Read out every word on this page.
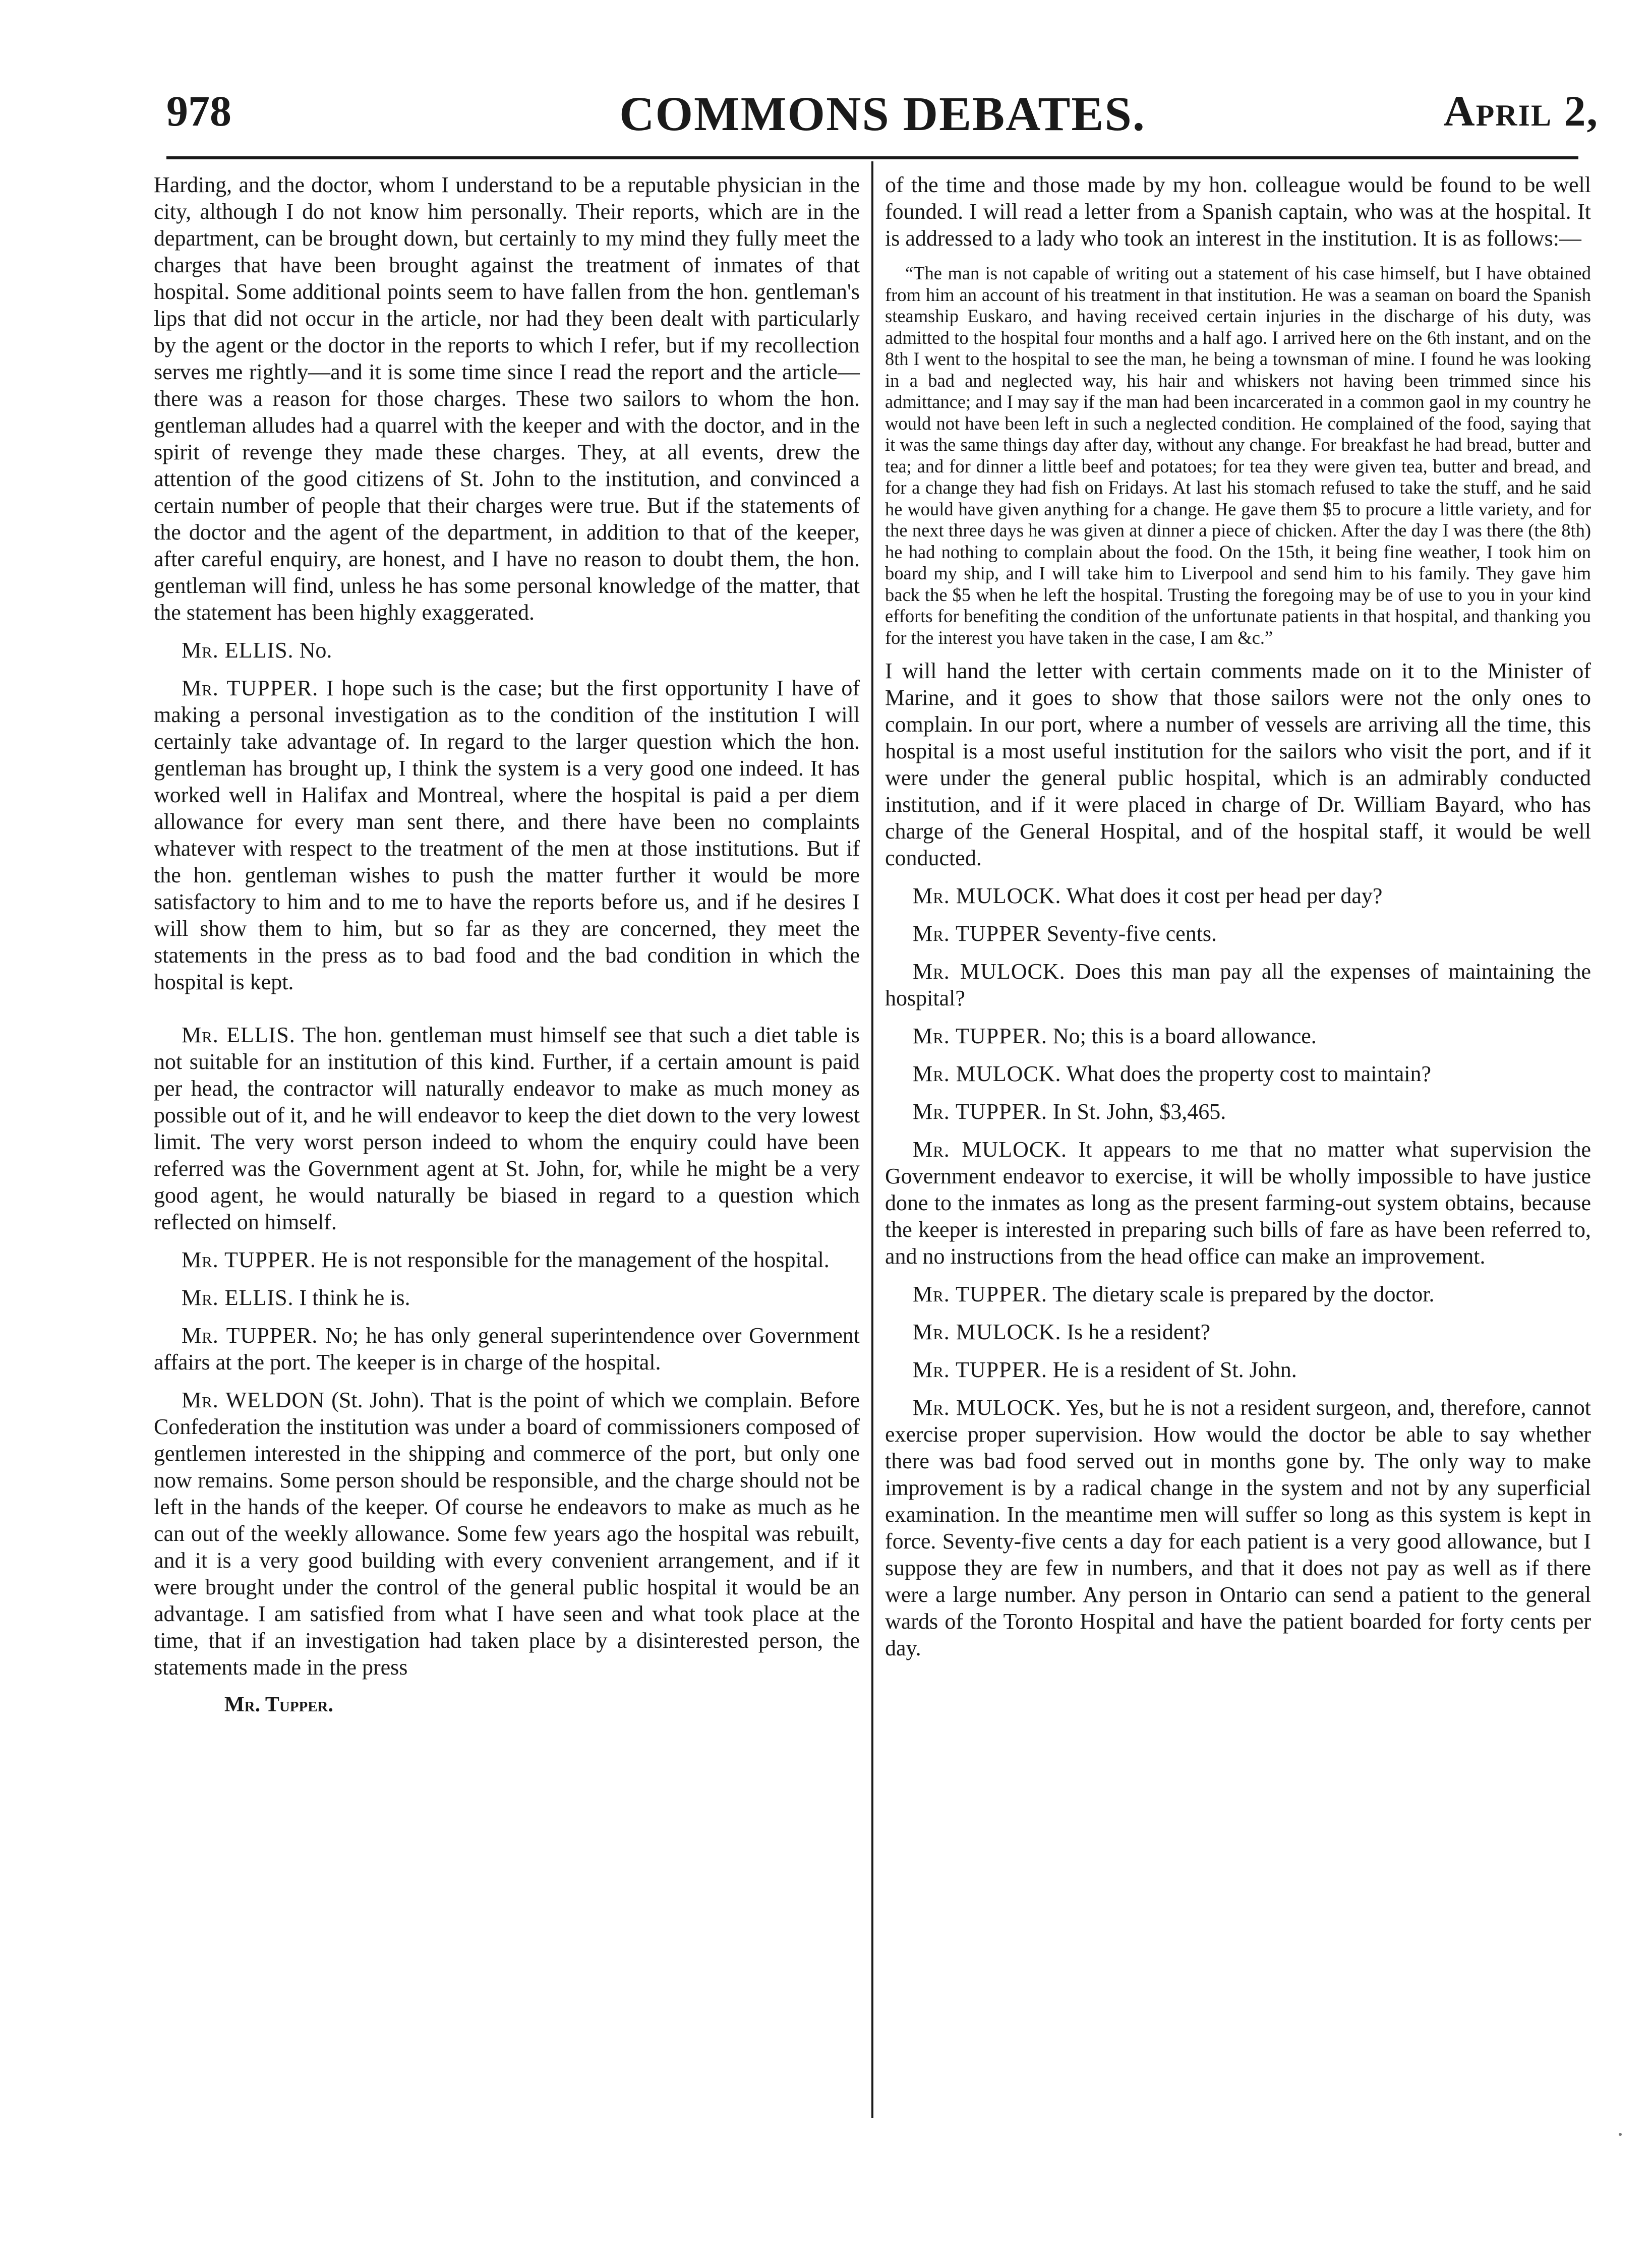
978	COMMONS DEBATES.	April 2,

Harding, and the doctor, whom I understand to be a reputable physician in the city, although I do not know him personally. Their reports, which are in the department, can be brought down, but certainly to my mind they fully meet the charges that have been brought against the treatment of inmates of that hospital. Some additional points seem to have fallen from the hon. gentleman's lips that did not occur in the article, nor had they been dealt with particularly by the agent or the doctor in the reports to which I refer, but if my recollection serves me rightly—and it is some time since I read the report and the article—there was a reason for those charges. These two sailors to whom the hon. gentleman alludes had a quarrel with the keeper and with the doctor, and in the spirit of revenge they made these charges. They, at all events, drew the attention of the good citizens of St. John to the institution, and convinced a certain number of people that their charges were true. But if the statements of the doctor and the agent of the department, in addition to that of the keeper, after careful enquiry, are honest, and I have no reason to doubt them, the hon. gentleman will find, unless he has some personal knowledge of the matter, that the statement has been highly exaggerated.

Mr. ELLIS. No.

Mr. TUPPER. I hope such is the case; but the first opportunity I have of making a personal investigation as to the condition of the institution I will certainly take advantage of. In regard to the larger question which the hon. gentleman has brought up, I think the system is a very good one indeed. It has worked well in Halifax and Montreal, where the hospital is paid a per diem allowance for every man sent there, and there have been no complaints whatever with respect to the treatment of the men at those institutions. But if the hon. gentleman wishes to push the matter further it would be more satisfactory to him and to me to have the reports before us, and if he desires I will show them to him, but so far as they are concerned, they meet the statements in the press as to bad food and the bad condition in which the hospital is kept.

Mr. ELLIS. The hon. gentleman must himself see that such a diet table is not suitable for an institution of this kind. Further, if a certain amount is paid per head, the contractor will naturally endeavor to make as much money as possible out of it, and he will endeavor to keep the diet down to the very lowest limit. The very worst person indeed to whom the enquiry could have been referred was the Government agent at St. John, for, while he might be a very good agent, he would naturally be biased in regard to a question which reflected on himself.

Mr. TUPPER. He is not responsible for the management of the hospital.

Mr. ELLIS. I think he is.

Mr. TUPPER. No; he has only general superintendence over Government affairs at the port. The keeper is in charge of the hospital.

Mr. WELDON (St. John). That is the point of which we complain. Before Confederation the institution was under a board of commissioners composed of gentlemen interested in the shipping and commerce of the port, but only one now remains. Some person should be responsible, and the charge should not be left in the hands of the keeper. Of course he endeavors to make as much as he can out of the weekly allowance. Some few years ago the hospital was rebuilt, and it is a very good building with every convenient arrangement, and if it were brought under the control of the general public hospital it would be an advantage. I am satisfied from what I have seen and what took place at the time, that if an investigation had taken place by a disinterested person, the statements made in the press

Mr. Tupper.

of the time and those made by my hon. colleague would be found to be well founded. I will read a letter from a Spanish captain, who was at the hospital. It is addressed to a lady who took an interest in the institution. It is as follows:—

“The man is not capable of writing out a statement of his case himself, but I have obtained from him an account of his treatment in that institution. He was a seaman on board the Spanish steamship Euskaro, and having received certain injuries in the discharge of his duty, was admitted to the hospital four months and a half ago. I arrived here on the 6th instant, and on the 8th I went to the hospital to see the man, he being a townsman of mine. I found he was looking in a bad and neglected way, his hair and whiskers not having been trimmed since his admittance; and I may say if the man had been incarcerated in a common gaol in my country he would not have been left in such a neglected condition. He complained of the food, saying that it was the same things day after day, without any change. For breakfast he had bread, butter and tea; and for dinner a little beef and potatoes; for tea they were given tea, butter and bread, and for a change they had fish on Fridays. At last his stomach refused to take the stuff, and he said he would have given anything for a change. He gave them $5 to procure a little variety, and for the next three days he was given at dinner a piece of chicken. After the day I was there (the 8th) he had nothing to complain about the food. On the 15th, it being fine weather, I took him on board my ship, and I will take him to Liverpool and send him to his family. They gave him back the $5 when he left the hospital. Trusting the foregoing may be of use to you in your kind efforts for benefiting the condition of the unfortunate patients in that hospital, and thanking you for the interest you have taken in the case, I am &c.”

I will hand the letter with certain comments made on it to the Minister of Marine, and it goes to show that those sailors were not the only ones to complain. In our port, where a number of vessels are arriving all the time, this hospital is a most useful institution for the sailors who visit the port, and if it were under the general public hospital, which is an admirably conducted institution, and if it were placed in charge of Dr. William Bayard, who has charge of the General Hospital, and of the hospital staff, it would be well conducted.

Mr. MULOCK. What does it cost per head per day?

Mr. TUPPER Seventy-five cents.

Mr. MULOCK. Does this man pay all the expenses of maintaining the hospital?

Mr. TUPPER. No; this is a board allowance.

Mr. MULOCK. What does the property cost to maintain?

Mr. TUPPER. In St. John, $3,465.

Mr. MULOCK. It appears to me that no matter what supervision the Government endeavor to exercise, it will be wholly impossible to have justice done to the inmates as long as the present farming-out system obtains, because the keeper is interested in preparing such bills of fare as have been referred to, and no instructions from the head office can make an improvement.

Mr. TUPPER. The dietary scale is prepared by the doctor.

Mr. MULOCK. Is he a resident?

Mr. TUPPER. He is a resident of St. John.

Mr. MULOCK. Yes, but he is not a resident surgeon, and, therefore, cannot exercise proper supervision. How would the doctor be able to say whether there was bad food served out in months gone by. The only way to make improvement is by a radical change in the system and not by any superficial examination. In the meantime men will suffer so long as this system is kept in force. Seventy-five cents a day for each patient is a very good allowance, but I suppose they are few in numbers, and that it does not pay as well as if there were a large number. Any person in Ontario can send a patient to the general wards of the Toronto Hospital and have the patient boarded for forty cents per day.
